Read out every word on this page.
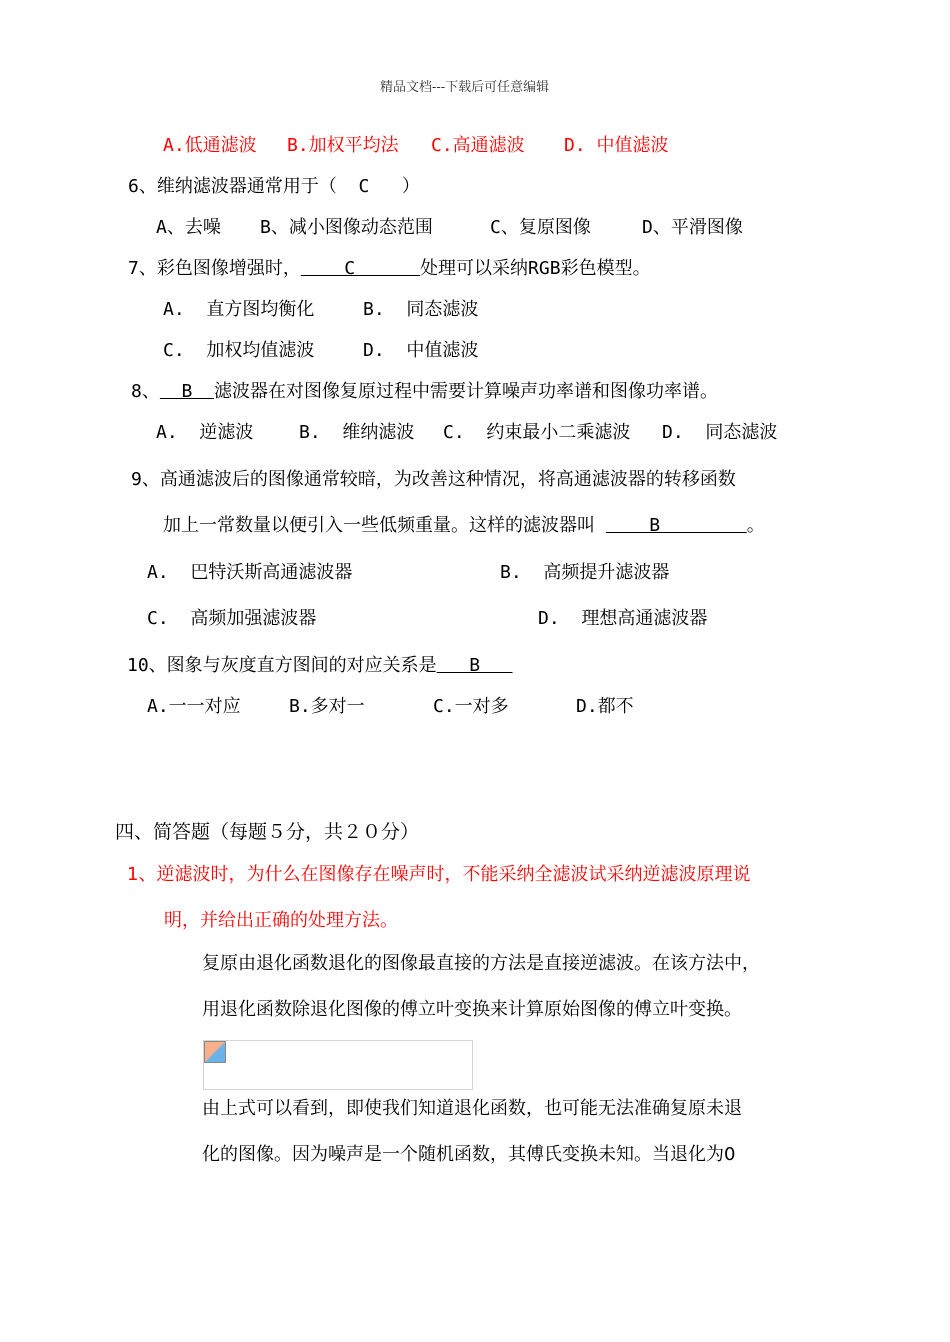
精品文档---下载后可任意编辑
A.低通滤波 B.加权平均法 C.高通滤波 D. 中值滤波
6、维纳滤波器通常用于（  C   ）
A、去噪 B、减小图像动态范围	C、复原图像	D、平滑图像
7、彩色图像增强时，    C      处理可以采纳RGB彩色模型。
A.  直方图均衡化	B.  同态滤波
C.  加权均值滤波	D.  中值滤波
8、  B  滤波器在对图像复原过程中需要计算噪声功率谱和图像功率谱。
A.  逆滤波	B.  维纳滤波 C.  约束最小二乘滤波 D.  同态滤波
9、高通滤波后的图像通常较暗，为改善这种情况，将高通滤波器的转移函数
加上一常数量以便引入一些低频重量。这样的滤波器叫     B        。
A.  巴特沃斯高通滤波器	B.  高频提升滤波器
C.  高频加强滤波器	D.  理想高通滤波器
10、图象与灰度直方图间的对应关系是   B
A.一一对应	B.多对一	C.一对多	D.都不
四、简答题（每题５分，共２０分）
1、逆滤波时，为什么在图像存在噪声时，不能采纳全滤波试采纳逆滤波原理说
明，并给出正确的处理方法。
复原由退化函数退化的图像最直接的方法是直接逆滤波。在该方法中，
用退化函数除退化图像的傅立叶变换来计算原始图像的傅立叶变换。
由上式可以看到，即使我们知道退化函数，也可能无法准确复原未退
化的图像。因为噪声是一个随机函数，其傅氏变换未知。当退化为0
